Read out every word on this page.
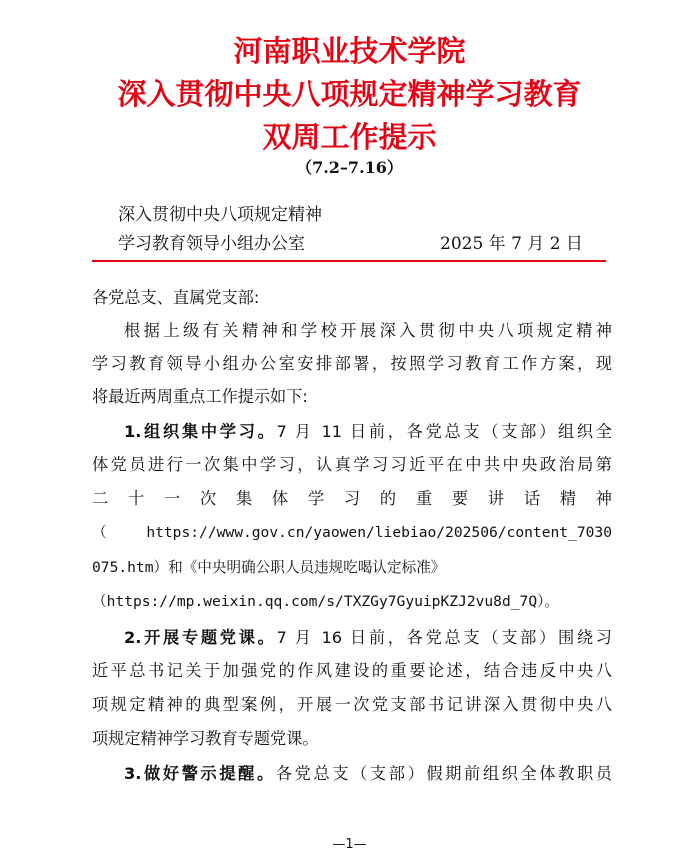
河南职业技术学院
深入贯彻中央八项规定精神学习教育
双周工作提示
（7.2–7.16）
深入贯彻中央八项规定精神
学习教育领导小组办公室	2025 年 7 月 2 日
各党总支、直属党支部:
根据上级有关精神和学校开展深入贯彻中央八项规定精神
学习教育领导小组办公室安排部署，按照学习教育工作方案，现
将最近两周重点工作提示如下:
1.组织集中学习。7 月 11 日前，各党总支（支部）组织全
体党员进行一次集中学习，认真学习习近平在中共中央政治局第
二 十 一 次 集 体 学 习 的 重 要 讲 话 精 神
（https://www.gov.cn/yaowen/liebiao/202506/content_7030
075.htm）和《中央明确公职人员违规吃喝认定标准》
（https://mp.weixin.qq.com/s/TXZGy7GyuipKZJ2vu8d_7Q）。
2.开展专题党课。7 月 16 日前，各党总支（支部）围绕习
近平总书记关于加强党的作风建设的重要论述，结合违反中央八
项规定精神的典型案例，开展一次党支部书记讲深入贯彻中央八
项规定精神学习教育专题党课。
3.做好警示提醒。各党总支（支部）假期前组织全体教职员
—1—
